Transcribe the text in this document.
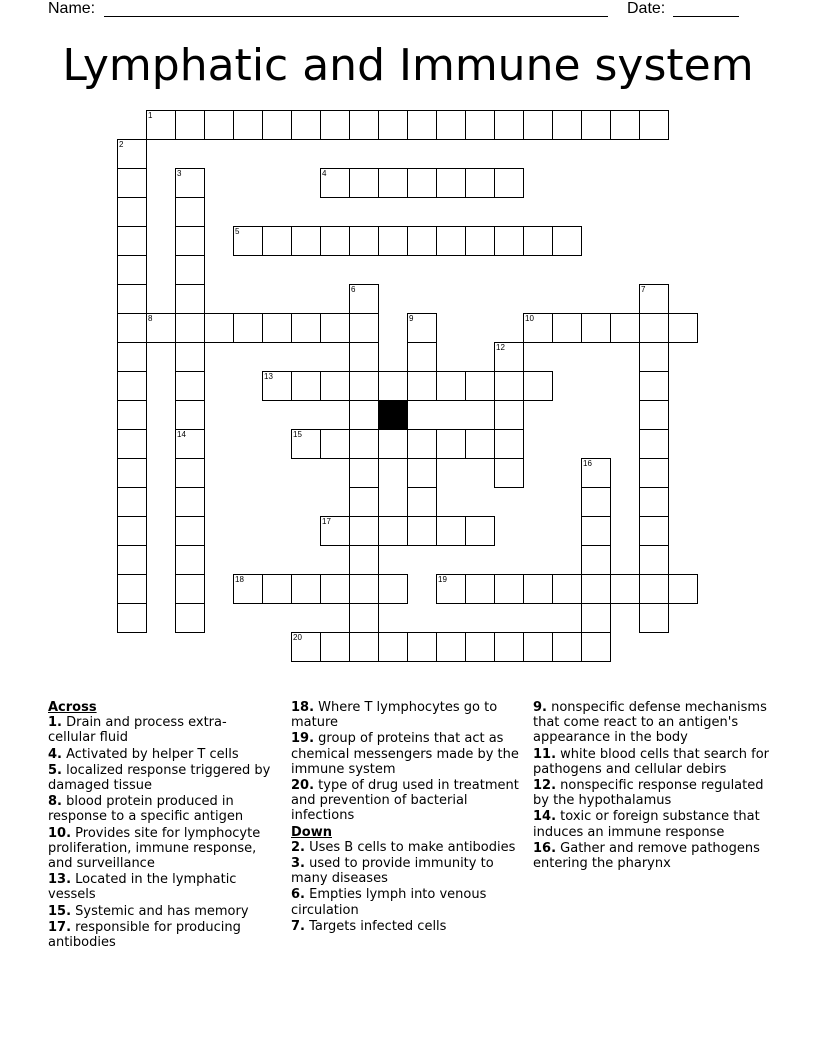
Name:	Date:
Lymphatic and Immune system
1
2
3	4
5
6	7
8	9	10
12
13
14	15
16
17
18	19
20
Across
1. Drain and process extra-cellular fluid
4. Activated by helper T cells
5. localized response triggered by damaged tissue
8. blood protein produced in response to a specific antigen
10. Provides site for lymphocyte proliferation, immune response, and surveillance
13. Located in the lymphatic vessels
15. Systemic and has memory
17. responsible for producing antibodies
18. Where T lymphocytes go to mature
19. group of proteins that act as chemical messengers made by the immune system
20. type of drug used in treatment and prevention of bacterial infections
Down
2. Uses B cells to make antibodies
3. used to provide immunity to many diseases
6. Empties lymph into venous circulation
7. Targets infected cells
9. nonspecific defense mechanisms that come react to an antigen's appearance in the body
11. white blood cells that search for pathogens and cellular debirs
12. nonspecific response regulated by the hypothalamus
14. toxic or foreign substance that induces an immune response
16. Gather and remove pathogens entering the pharynx
